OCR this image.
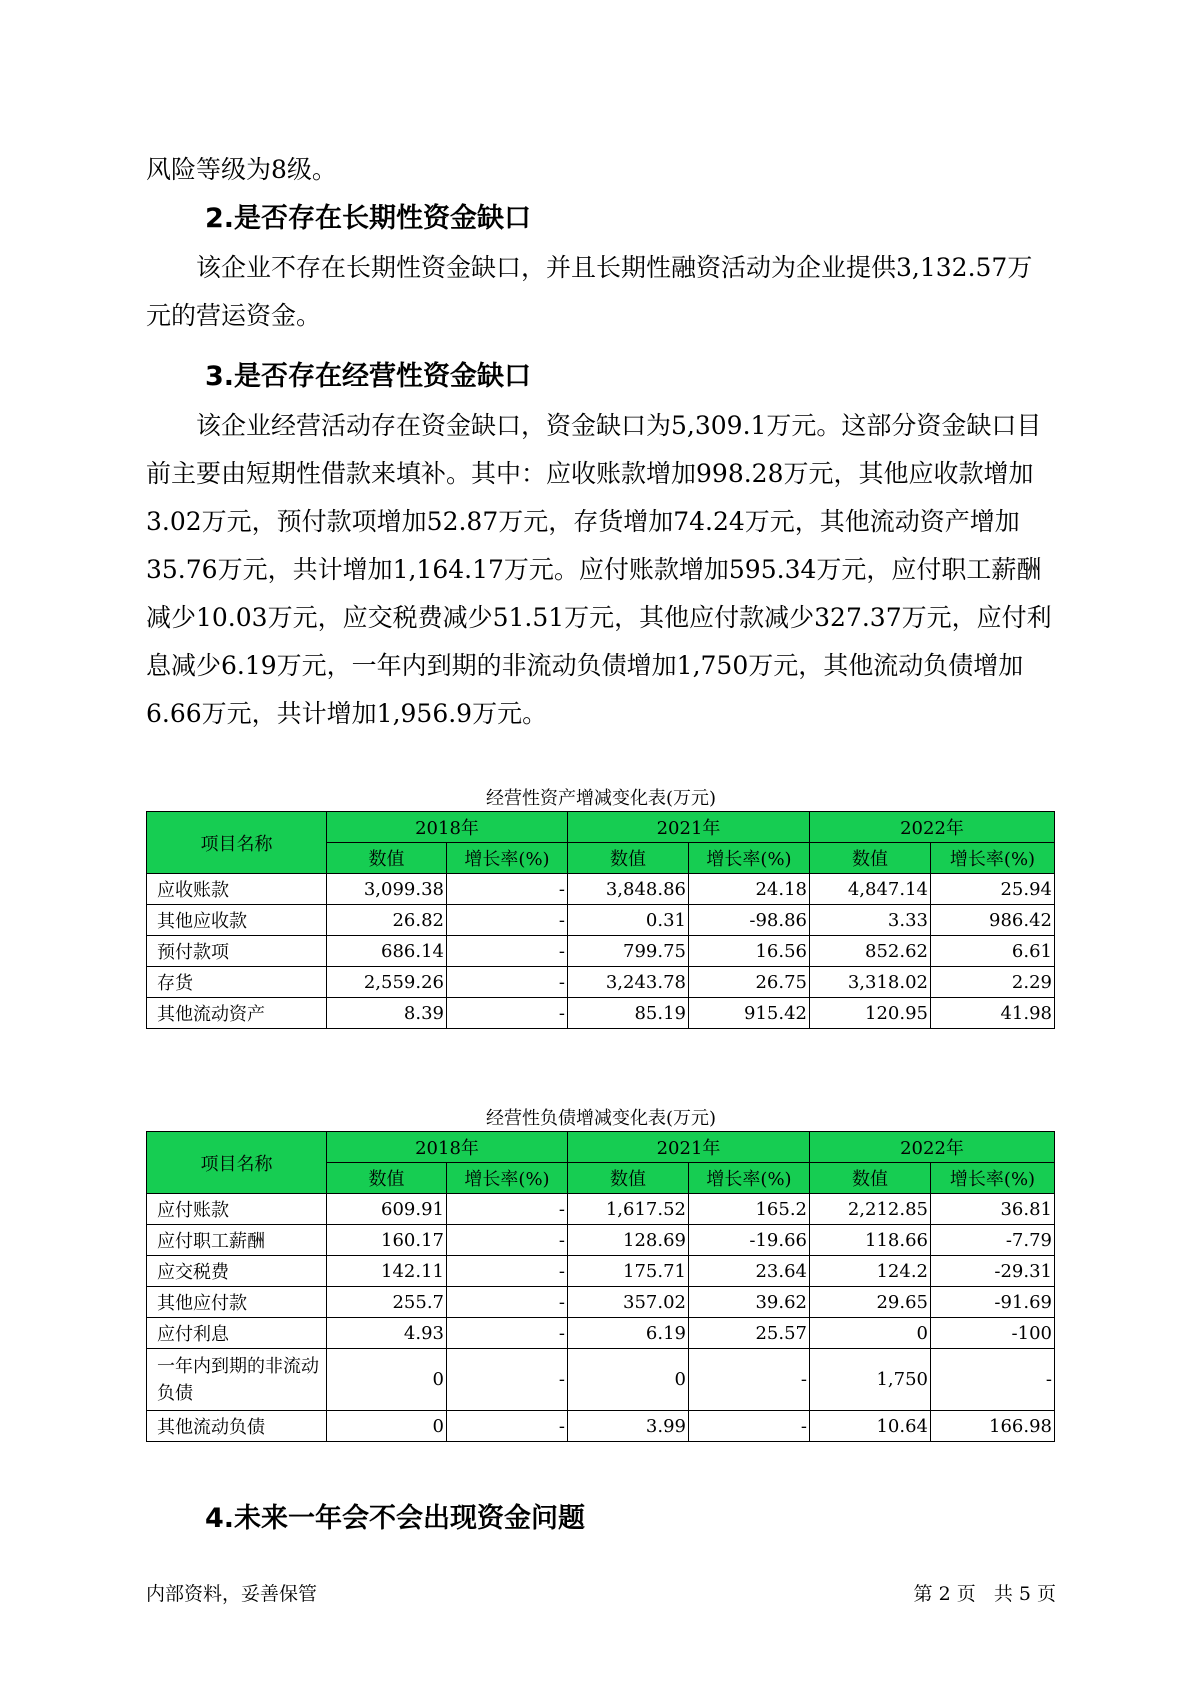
风险等级为8级。

2.是否存在长期性资金缺口

该企业不存在长期性资金缺口，并且长期性融资活动为企业提供3,132.57万元的营运资金。

3.是否存在经营性资金缺口

该企业经营活动存在资金缺口，资金缺口为5,309.1万元。这部分资金缺口目前主要由短期性借款来填补。其中：应收账款增加998.28万元，其他应收款增加3.02万元，预付款项增加52.87万元，存货增加74.24万元，其他流动资产增加35.76万元，共计增加1,164.17万元。应付账款增加595.34万元，应付职工薪酬减少10.03万元，应交税费减少51.51万元，其他应付款减少327.37万元，应付利息减少6.19万元，一年内到期的非流动负债增加1,750万元，其他流动负债增加6.66万元，共计增加1,956.9万元。

经营性资产增减变化表(万元)
项目名称	2018年		2021年		2022年	
	数值	增长率(%)	数值	增长率(%)	数值	增长率(%)
应收账款	3,099.38	-	3,848.86	24.18	4,847.14	25.94
其他应收款	26.82	-	0.31	-98.86	3.33	986.42
预付款项	686.14	-	799.75	16.56	852.62	6.61
存货	2,559.26	-	3,243.78	26.75	3,318.02	2.29
其他流动资产	8.39	-	85.19	915.42	120.95	41.98
经营性负债增减变化表(万元)
项目名称	2018年		2021年		2022年	
	数值	增长率(%)	数值	增长率(%)	数值	增长率(%)
应付账款	609.91	-	1,617.52	165.2	2,212.85	36.81
应付职工薪酬	160.17	-	128.69	-19.66	118.66	-7.79
应交税费	142.11	-	175.71	23.64	124.2	-29.31
其他应付款	255.7	-	357.02	39.62	29.65	-91.69
应付利息	4.93	-	6.19	25.57	0	-100
一年内到期的非流动负债	0	-	0	-	1,750	-
其他流动负债	0	-	3.99	-	10.64	166.98
4.未来一年会不会出现资金问题
内部资料，妥善保管	第 2 页   共 5 页
